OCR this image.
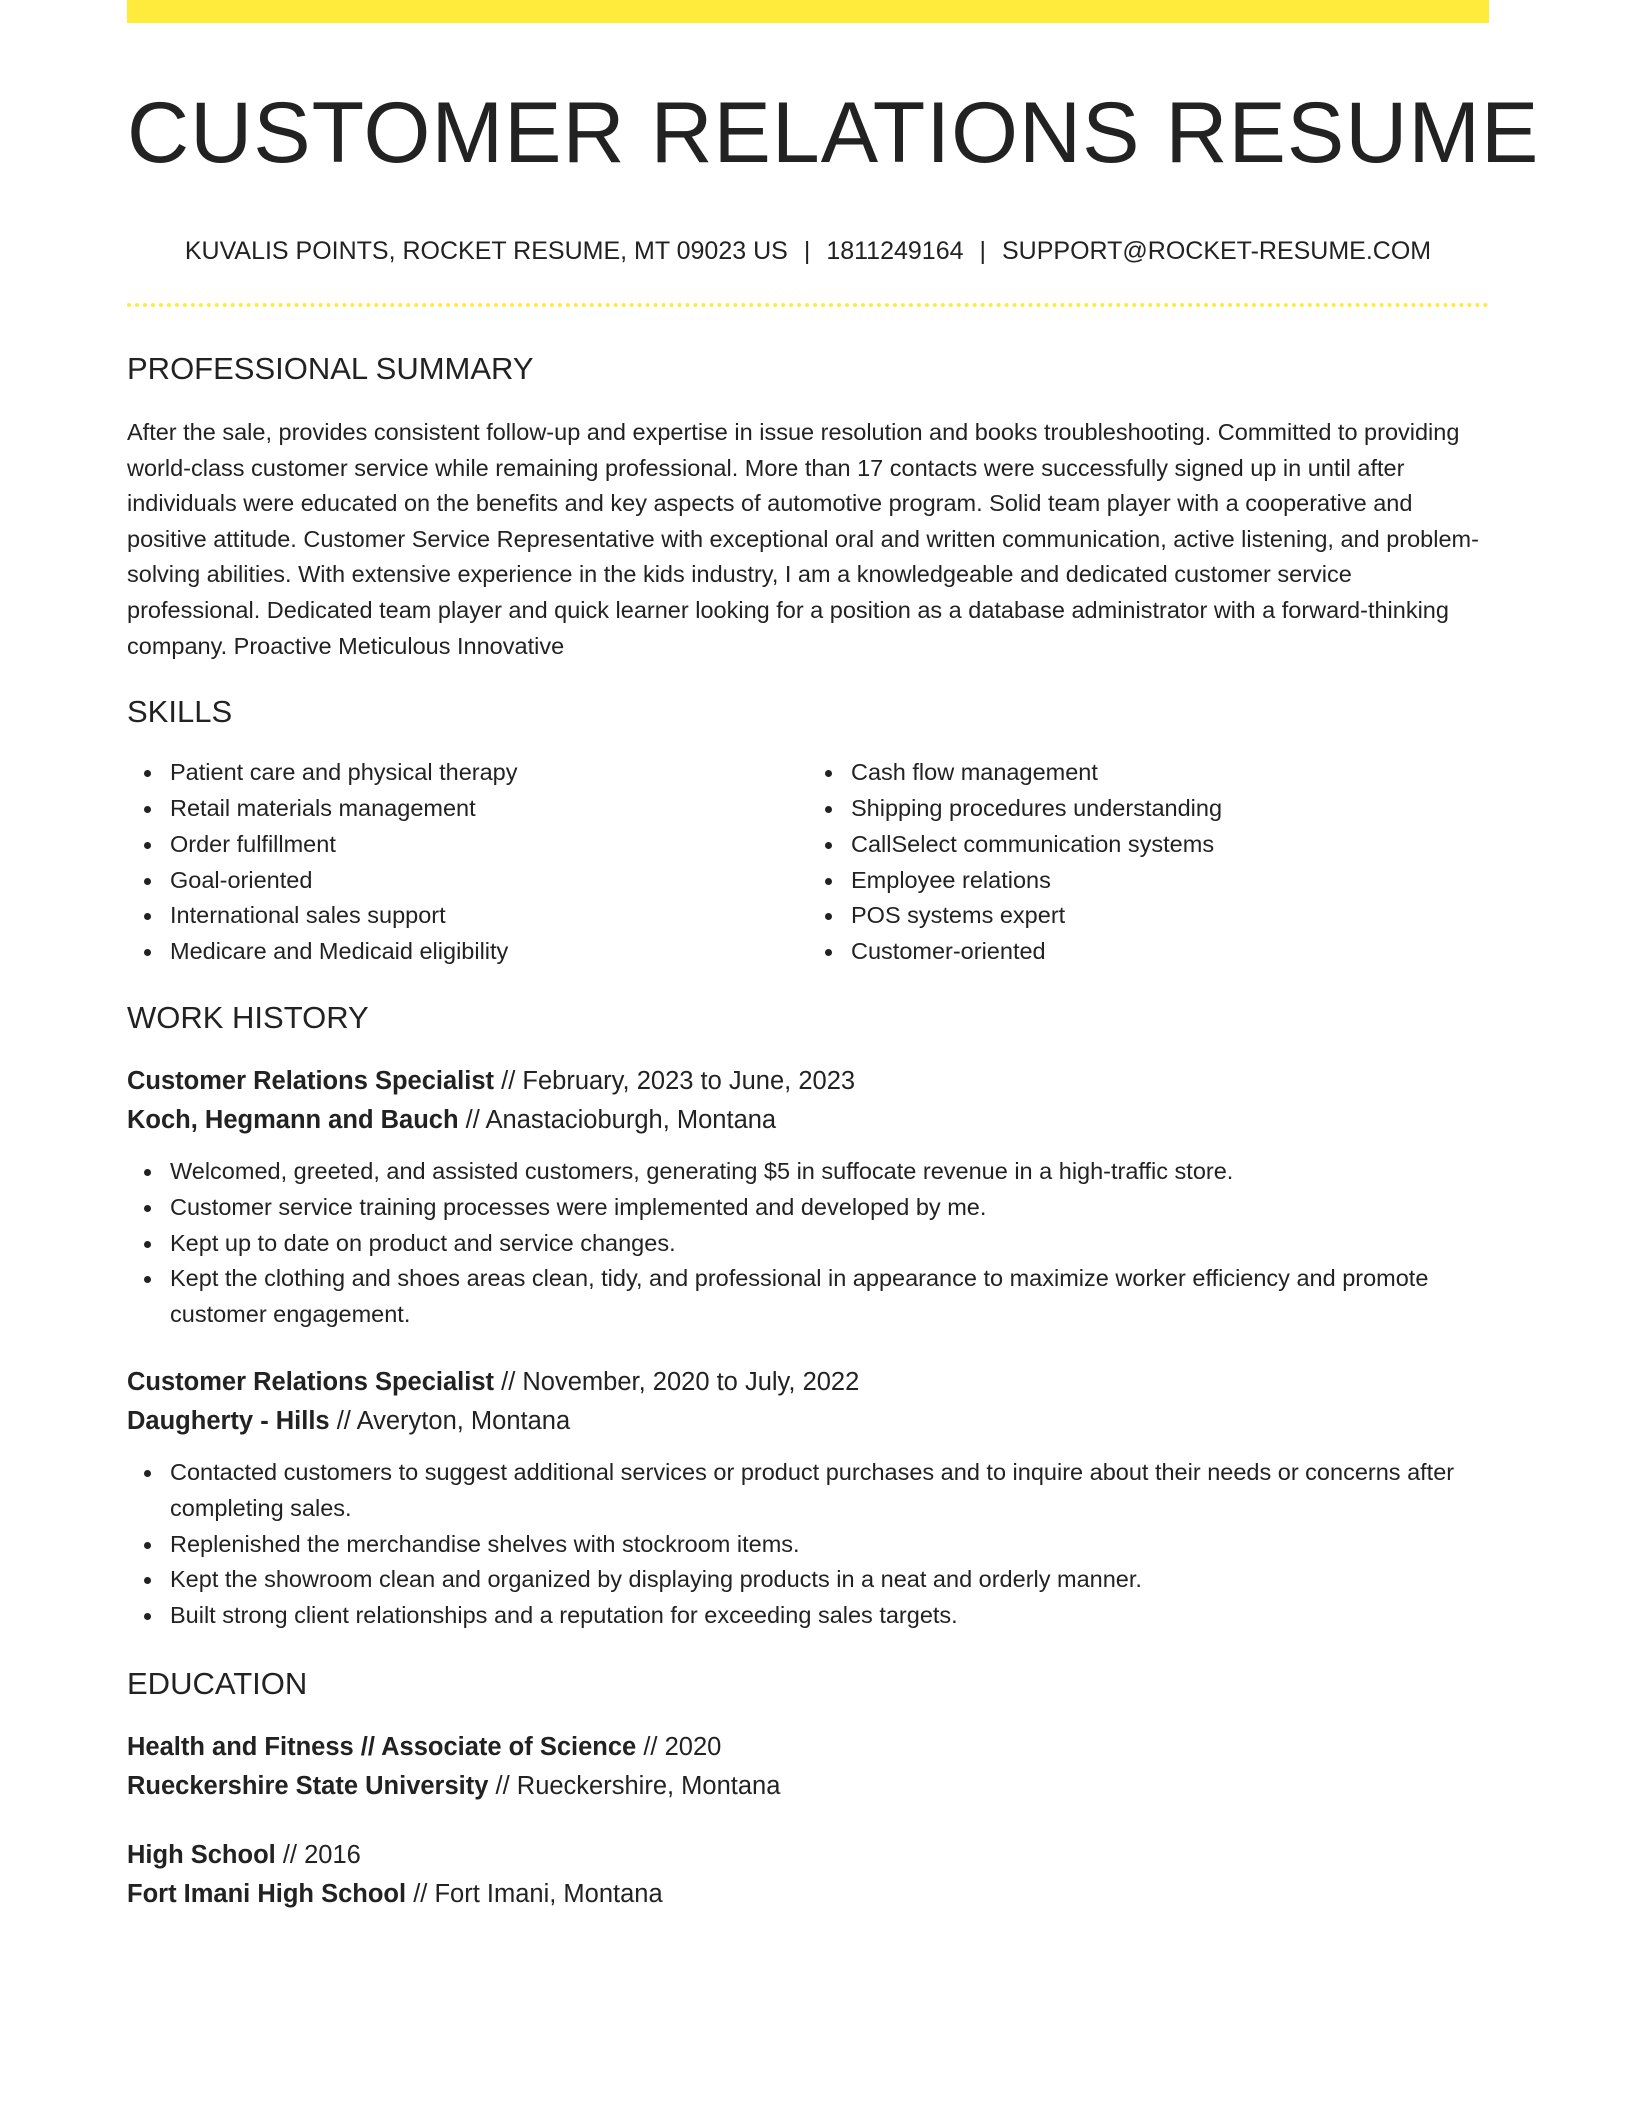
CUSTOMER RELATIONS RESUME
KUVALIS POINTS, ROCKET RESUME, MT 09023 US | 1811249164 | SUPPORT@ROCKET-RESUME.COM
PROFESSIONAL SUMMARY
After the sale, provides consistent follow-up and expertise in issue resolution and books troubleshooting. Committed to providing world-class customer service while remaining professional. More than 17 contacts were successfully signed up in until after individuals were educated on the benefits and key aspects of automotive program. Solid team player with a cooperative and positive attitude. Customer Service Representative with exceptional oral and written communication, active listening, and problem-solving abilities. With extensive experience in the kids industry, I am a knowledgeable and dedicated customer service professional. Dedicated team player and quick learner looking for a position as a database administrator with a forward-thinking company. Proactive Meticulous Innovative
SKILLS
Patient care and physical therapy
Retail materials management
Order fulfillment
Goal-oriented
International sales support
Medicare and Medicaid eligibility
Cash flow management
Shipping procedures understanding
CallSelect communication systems
Employee relations
POS systems expert
Customer-oriented
WORK HISTORY
Customer Relations Specialist // February, 2023 to June, 2023
Koch, Hegmann and Bauch // Anastacioburgh, Montana
Welcomed, greeted, and assisted customers, generating $5 in suffocate revenue in a high-traffic store.
Customer service training processes were implemented and developed by me.
Kept up to date on product and service changes.
Kept the clothing and shoes areas clean, tidy, and professional in appearance to maximize worker efficiency and promote customer engagement.
Customer Relations Specialist // November, 2020 to July, 2022
Daugherty - Hills // Averyton, Montana
Contacted customers to suggest additional services or product purchases and to inquire about their needs or concerns after completing sales.
Replenished the merchandise shelves with stockroom items.
Kept the showroom clean and organized by displaying products in a neat and orderly manner.
Built strong client relationships and a reputation for exceeding sales targets.
EDUCATION
Health and Fitness // Associate of Science // 2020
Rueckershire State University // Rueckershire, Montana
High School // 2016
Fort Imani High School // Fort Imani, Montana
